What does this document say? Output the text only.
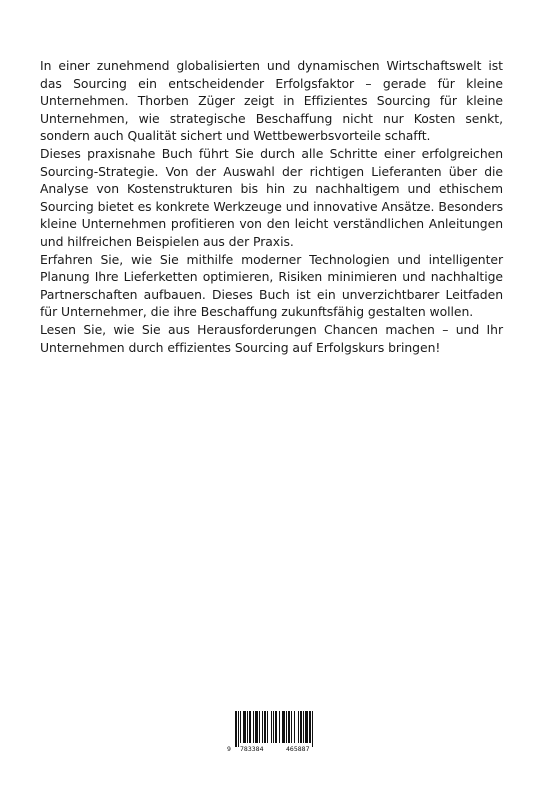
In einer zunehmend globalisierten und dynamischen Wirtschaftswelt ist das Sourcing ein entscheidender Erfolgsfaktor – gerade für kleine Unternehmen. Thorben Züger zeigt in Effizientes Sourcing für kleine Unternehmen, wie strategische Beschaffung nicht nur Kosten senkt, sondern auch Qualität sichert und Wettbewerbsvorteile schafft.

Dieses praxisnahe Buch führt Sie durch alle Schritte einer erfolgreichen Sourcing-Strategie. Von der Auswahl der richtigen Lieferanten über die Analyse von Kostenstrukturen bis hin zu nachhaltigem und ethischem Sourcing bietet es konkrete Werkzeuge und innovative Ansätze. Besonders kleine Unternehmen profitieren von den leicht verständlichen Anleitungen und hilfreichen Beispielen aus der Praxis.

Erfahren Sie, wie Sie mithilfe moderner Technologien und intelligenter Planung Ihre Lieferketten optimieren, Risiken minimieren und nachhaltige Partnerschaften aufbauen. Dieses Buch ist ein unverzichtbarer Leitfaden für Unternehmer, die ihre Beschaffung zukunftsfähig gestalten wollen.

Lesen Sie, wie Sie aus Herausforderungen Chancen machen – und Ihr Unternehmen durch effizientes Sourcing auf Erfolgskurs bringen!

9 783384	465887
